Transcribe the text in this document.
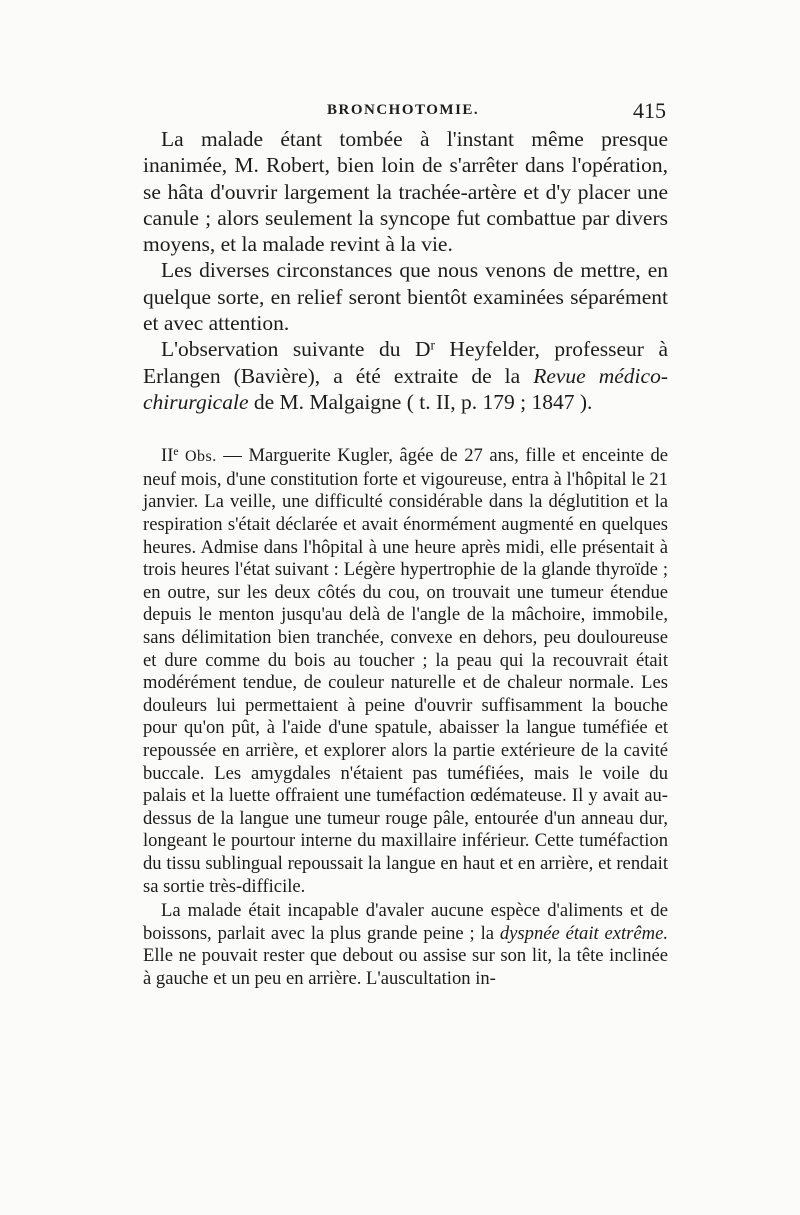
BRONCHOTOMIE.	415

La malade étant tombée à l'instant même presque inanimée, M. Robert, bien loin de s'arrêter dans l'opération, se hâta d'ouvrir largement la trachée-artère et d'y placer une canule ; alors seulement la syncope fut combattue par divers moyens, et la malade revint à la vie.

Les diverses circonstances que nous venons de mettre, en quelque sorte, en relief seront bientôt examinées séparément et avec attention.

L'observation suivante du $D^r$ Heyfelder, professeur à Erlangen (Bavière), a été extraite de la Revue médico-chirurgicale de M. Malgaigne ( t. II, p. 179 ; 1847 ).

IIe Obs. — Marguerite Kugler, âgée de 27 ans, fille et enceinte de neuf mois, d'une constitution forte et vigoureuse, entra à l'hôpital le 21 janvier. La veille, une difficulté considérable dans la déglutition et la respiration s'était déclarée et avait énormément augmenté en quelques heures. Admise dans l'hôpital à une heure après midi, elle présentait à trois heures l'état suivant : Légère hypertrophie de la glande thyroïde ; en outre, sur les deux côtés du cou, on trouvait une tumeur étendue depuis le menton jusqu'au delà de l'angle de la mâchoire, immobile, sans délimitation bien tranchée, convexe en dehors, peu douloureuse et dure comme du bois au toucher ; la peau qui la recouvrait était modérément tendue, de couleur naturelle et de chaleur normale. Les douleurs lui permettaient à peine d'ouvrir suffisamment la bouche pour qu'on pût, à l'aide d'une spatule, abaisser la langue tuméfiée et repoussée en arrière, et explorer alors la partie extérieure de la cavité buccale. Les amygdales n'étaient pas tuméfiées, mais le voile du palais et la luette offraient une tuméfaction œdémateuse. Il y avait au-dessus de la langue une tumeur rouge pâle, entourée d'un anneau dur, longeant le pourtour interne du maxillaire inférieur. Cette tuméfaction du tissu sublingual repoussait la langue en haut et en arrière, et rendait sa sortie très-difficile.

La malade était incapable d'avaler aucune espèce d'aliments et de boissons, parlait avec la plus grande peine ; la dyspnée était extrême. Elle ne pouvait rester que debout ou assise sur son lit, la tête inclinée à gauche et un peu en arrière. L'auscultation in-
